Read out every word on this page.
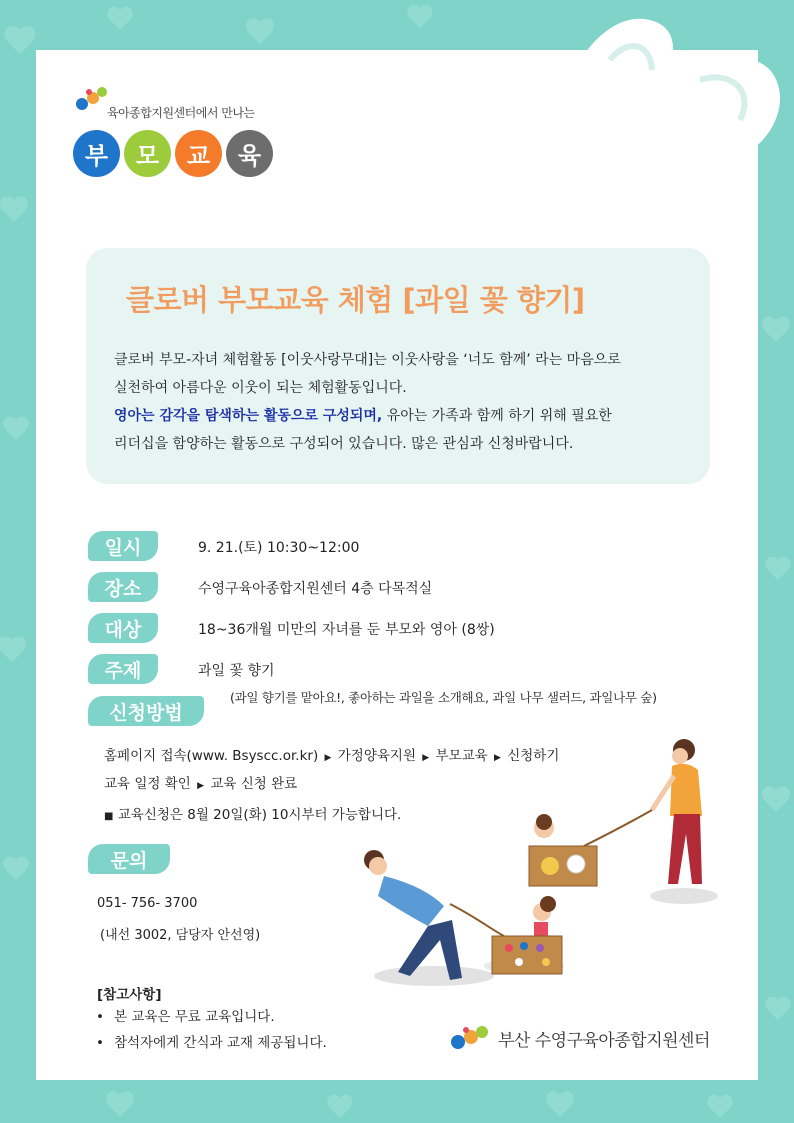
육아종합지원센터에서 만나는
부	모	교	육
클로버 부모교육 체험 [과일 꽃 향기]
클로버 부모-자녀 체험활동 [이웃사랑무대]는 이웃사랑을 ‘너도 함께’ 라는 마음으로
실천하여 아름다운 이웃이 되는 체험활동입니다.
영아는 감각을 탐색하는 활동으로 구성되며, 유아는 가족과 함께 하기 위해 필요한
리더십을 함양하는 활동으로 구성되어 있습니다. 많은 관심과 신청바랍니다.
일시	9. 21.(토) 10:30~12:00
장소	수영구육아종합지원센터 4층 다목적실
대상	18~36개월 미만의 자녀를 둔 부모와 영아 (8쌍)
주제	과일 꽃 향기
(과일 향기를 맡아요!, 좋아하는 과일을 소개해요, 과일 나무 샐러드, 과일나무 숲)
신청방법
홈페이지 접속(www. Bsyscc.or.kr) ▶ 가정양육지원 ▶ 부모교육 ▶ 신청하기
교육 일정 확인 ▶ 교육 신청 완료
■ 교육신청은 8월 20일(화) 10시부터 가능합니다.
문의
051- 756- 3700
(내선 3002, 담당자 안선영)
[참고사항]
• 본 교육은 무료 교육입니다.
• 참석자에게 간식과 교재 제공됩니다.	부산 수영구육아종합지원센터
